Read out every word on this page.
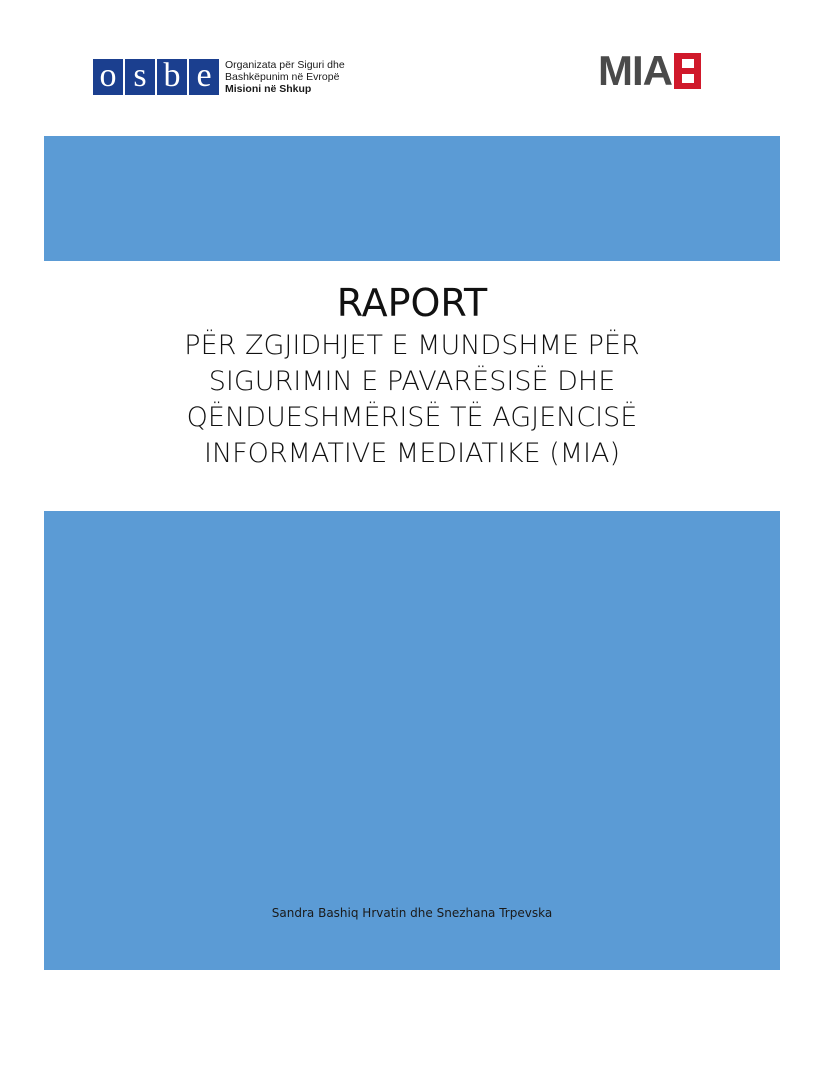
o s b e	Organizata për Siguri dhe
Bashkëpunim në Evropë
Misioni në Shkup	MIA
RAPORT
PËR ZGJIDHJET E MUNDSHME PËR
SIGURIMIN E PAVARËSISË DHE
QËNDUESHMËRISË TË AGJENCISË
INFORMATIVE MEDIATIKE (MIA)
Sandra Bashiq Hrvatin dhe Snezhana Trpevska
